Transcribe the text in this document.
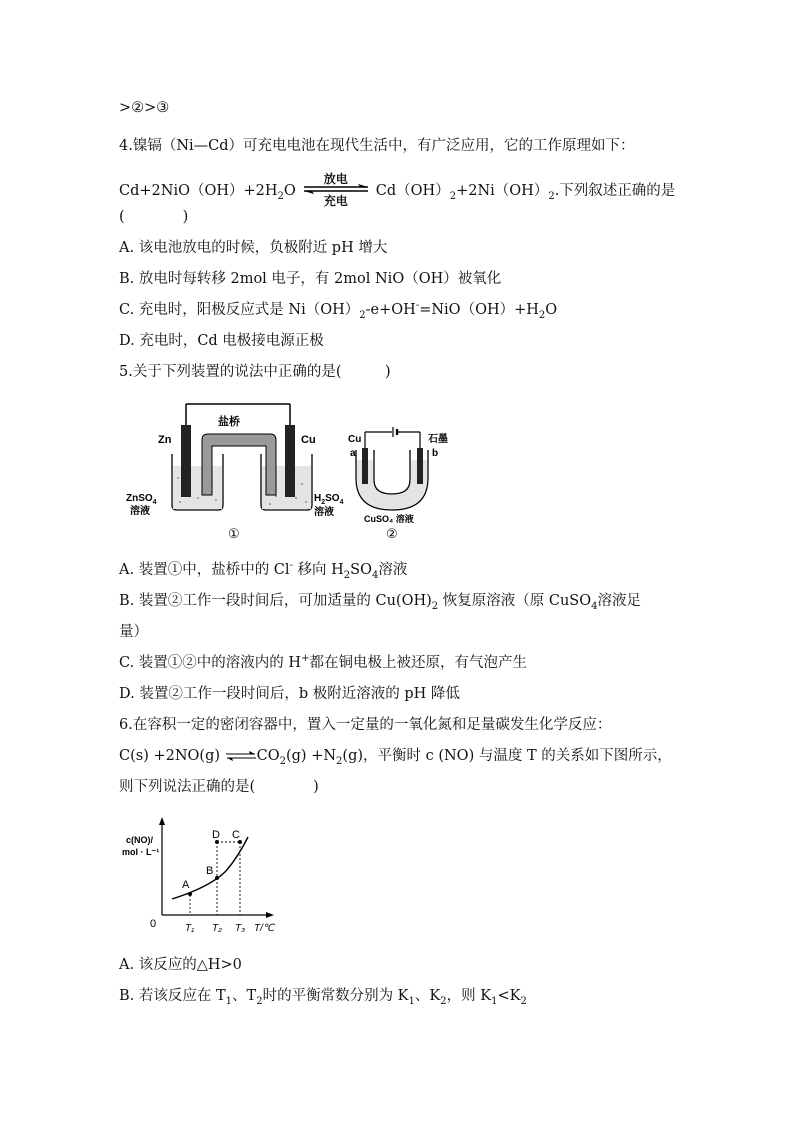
>②>③
4.镍镉（Ni—Cd）可充电电池在现代生活中，有广泛应用，它的工作原理如下：
$Cd+2NiO(OH)+2H_2O$
放电
充电
$Cd(OH)_2+2Ni(OH)_2$.下列叙述正确的是
(　　　　)
A. 该电池放电的时候，负极附近 pH 增大
B. 放电时每转移 2mol 电子，有 2mol NiO（OH）被氧化
C. 充电时，阳极反应式是 $Ni(OH)_2-e+OH^-=NiO(OH)+H_2O$
D. 充电时，Cd 电极接电源正极
5.关于下列装置的说法中正确的是(　　　)
盐桥
Zn	Cu
ZnSO$_4$
溶液
$H_2SO_4$
溶液
①
Cu
a
石墨
b
CuSO₄ 溶液
②
A. 装置①中，盐桥中的 Cl- 移向 $H_2SO_4$溶液
B. 装置②工作一段时间后，可加适量的 $Cu(OH)_2$ 恢复原溶液（原 CuSO$_4$溶液足
量）
C. 装置①②中的溶液内的 H+都在铜电极上被还原，有气泡产生
D. 装置②工作一段时间后，b 极附近溶液的 pH 降低
6.在容积一定的密闭容器中，置入一定量的一氧化氮和足量碳发生化学反应：
C(s) +2NO(g) $\rightleftharpoons CO_2(g) +N_2(g)$，平衡时 c (NO) 与温度 T 的关系如下图所示，
则下列说法正确的是(　　　　)
A
B
D C
c(NO)/
mol · L⁻¹
0	T₁ T₂ T₃ T/℃
A. 该反应的△H>0
B. 若该反应在 $T_1$、$T_2$时的平衡常数分别为 $K_1$、$K_2$，则 $K_1<K_2$
